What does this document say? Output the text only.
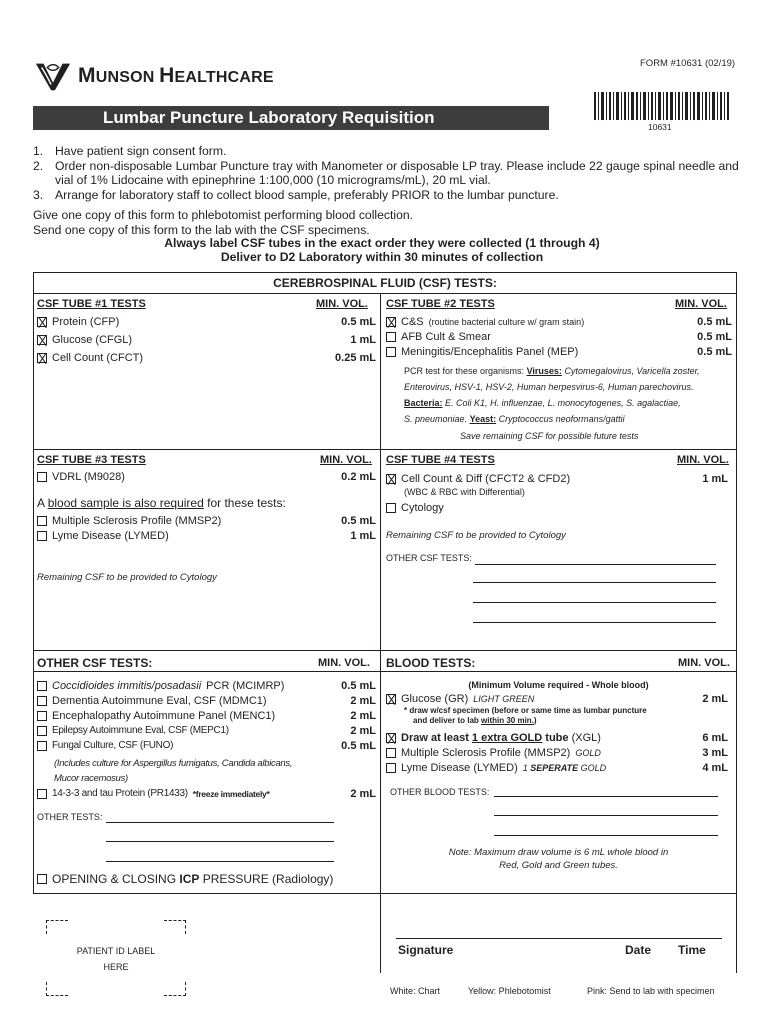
FORM #10631 (02/19)
MUNSON HEALTHCARE
Lumbar Puncture Laboratory Requisition	10631
1. Have patient sign consent form.
2. Order non-disposable Lumbar Puncture tray with Manometer or disposable LP tray. Please include 22 gauge spinal needle and vial of 1% Lidocaine with epinephrine 1:100,000 (10 micrograms/mL), 20 mL vial.
3. Arrange for laboratory staff to collect blood sample, preferably PRIOR to the lumbar puncture.
Give one copy of this form to phlebotomist performing blood collection.
Send one copy of this form to the lab with the CSF specimens.
Always label CSF tubes in the exact order they were collected (1 through 4)
Deliver to D2 Laboratory within 30 minutes of collection
CEREBROSPINAL FLUID (CSF) TESTS:
CSF TUBE #1 TESTS	MIN. VOL.
Protein (CFP)	0.5 mL
Glucose (CFGL)	1 mL
Cell Count (CFCT)	0.25 mL
CSF TUBE #2 TESTS	MIN. VOL.
C&S (routine bacterial culture w/ gram stain)	0.5 mL
AFB Cult & Smear	0.5 mL
Meningitis/Encephalitis Panel (MEP)	0.5 mL
PCR test for these organisms: Viruses: Cytomegalovirus, Varicella zoster,
Enterovirus, HSV-1, HSV-2, Human herpesvirus-6, Human parechovirus.
Bacteria: E. Coli K1, H. influenzae, L. monocytogenes, S. agalactiae,
S. pneumoniae. Yeast: Cryptococcus neoformans/gattii
Save remaining CSF for possible future tests
CSF TUBE #3 TESTS	MIN. VOL.
VDRL (M9028)	0.2 mL
A blood sample is also required for these tests:
Multiple Sclerosis Profile (MMSP2)	0.5 mL
Lyme Disease (LYMED)	1 mL
Remaining CSF to be provided to Cytology
CSF TUBE #4 TESTS	MIN. VOL.
Cell Count & Diff (CFCT2 & CFD2)	1 mL
(WBC & RBC with Differential)
Cytology
Remaining CSF to be provided to Cytology
OTHER CSF TESTS:
OTHER CSF TESTS:	MIN. VOL.
Coccidioides immitis/posadasii PCR (MCIMRP)	0.5 mL
Dementia Autoimmune Eval, CSF (MDMC1)	2 mL
Encephalopathy Autoimmune Panel (MENC1)	2 mL
Epilepsy Autoimmune Eval, CSF (MEPC1)	2 mL
Fungal Culture, CSF (FUNO)	0.5 mL
(Includes culture for Aspergillus fumigatus, Candida albicans,
Mucor racemosus)
14-3-3 and tau Protein (PR1433) *freeze immediately*	2 mL
OTHER TESTS:
OPENING & CLOSING ICP PRESSURE (Radiology)
BLOOD TESTS:	MIN. VOL.
(Minimum Volume required - Whole blood)
Glucose (GR) LIGHT GREEN	2 mL
* draw w/csf specimen (before or same time as lumbar puncture
and deliver to lab within 30 min.)
Draw at least 1 extra GOLD tube (XGL)	6 mL
Multiple Sclerosis Profile (MMSP2) GOLD	3 mL
Lyme Disease (LYMED) 1 SEPERATE GOLD	4 mL
OTHER BLOOD TESTS:
Note: Maximum draw volume is 6 mL whole blood in
Red, Gold and Green tubes.
PATIENT ID LABEL
HERE
Signature	Date Time
White: Chart	Yellow: Phlebotomist	Pink: Send to lab with specimen
